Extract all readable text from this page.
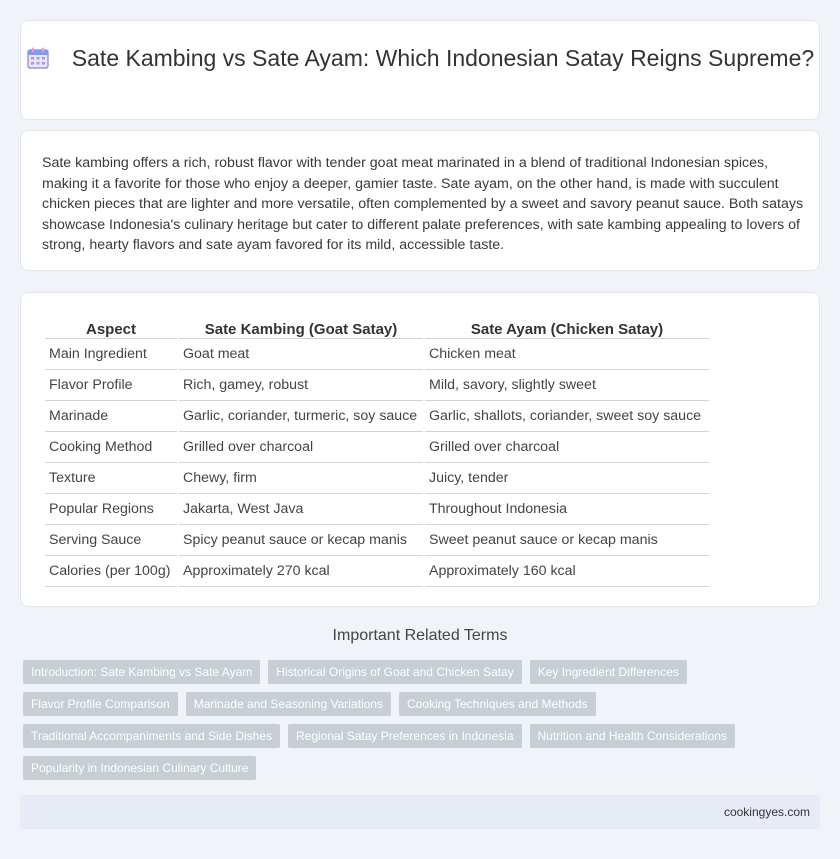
Sate Kambing vs Sate Ayam: Which Indonesian Satay Reigns Supreme?

Sate kambing offers a rich, robust flavor with tender goat meat marinated in a blend of traditional Indonesian spices, making it a favorite for those who enjoy a deeper, gamier taste. Sate ayam, on the other hand, is made with succulent chicken pieces that are lighter and more versatile, often complemented by a sweet and savory peanut sauce. Both satays showcase Indonesia's culinary heritage but cater to different palate preferences, with sate kambing appealing to lovers of strong, hearty flavors and sate ayam favored for its mild, accessible taste.

Aspect	Sate Kambing (Goat Satay)	Sate Ayam (Chicken Satay)
Main Ingredient	Goat meat	Chicken meat
Flavor Profile	Rich, gamey, robust	Mild, savory, slightly sweet
Marinade	Garlic, coriander, turmeric, soy sauce	Garlic, shallots, coriander, sweet soy sauce
Cooking Method	Grilled over charcoal	Grilled over charcoal
Texture	Chewy, firm	Juicy, tender
Popular Regions	Jakarta, West Java	Throughout Indonesia
Serving Sauce	Spicy peanut sauce or kecap manis	Sweet peanut sauce or kecap manis
Calories (per 100g)	Approximately 270 kcal	Approximately 160 kcal
Important Related Terms
Introduction: Sate Kambing vs Sate Ayam	Historical Origins of Goat and Chicken Satay	Key Ingredient Differences
Flavor Profile Comparison	Marinade and Seasoning Variations	Cooking Techniques and Methods
Traditional Accompaniments and Side Dishes	Regional Satay Preferences in Indonesia	Nutrition and Health Considerations
Popularity in Indonesian Culinary Culture
cookingyes.com
